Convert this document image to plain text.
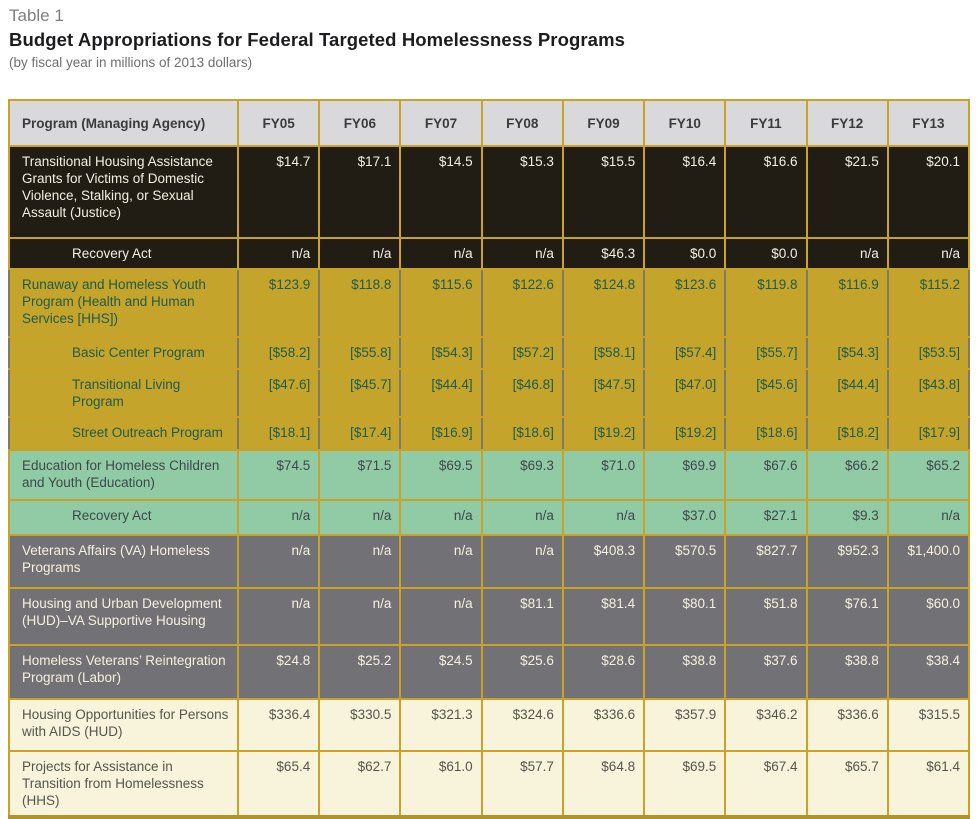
Table 1
Budget Appropriations for Federal Targeted Homelessness Programs
(by fiscal year in millions of 2013 dollars)
Program (Managing Agency)	FY05	FY06	FY07	FY08	FY09	FY10	FY11	FY12	FY13
Transitional Housing Assistance Grants for Victims of Domestic Violence, Stalking, or Sexual Assault (Justice)	$14.7	$17.1	$14.5	$15.3	$15.5	$16.4	$16.6	$21.5	$20.1
Recovery Act	n/a	n/a	n/a	n/a	$46.3	$0.0	$0.0	n/a	n/a
Runaway and Homeless Youth Program (Health and Human Services [HHS])	$123.9	$118.8	$115.6	$122.6	$124.8	$123.6	$119.8	$116.9	$115.2
Basic Center Program	[$58.2]	[$55.8]	[$54.3]	[$57.2]	[$58.1]	[$57.4]	[$55.7]	[$54.3]	[$53.5]
Transitional Living Program	[$47.6]	[$45.7]	[$44.4]	[$46.8]	[$47.5]	[$47.0]	[$45.6]	[$44.4]	[$43.8]
Street Outreach Program	[$18.1]	[$17.4]	[$16.9]	[$18.6]	[$19.2]	[$19.2]	[$18.6]	[$18.2]	[$17.9]
Education for Homeless Children and Youth (Education)	$74.5	$71.5	$69.5	$69.3	$71.0	$69.9	$67.6	$66.2	$65.2
Recovery Act	n/a	n/a	n/a	n/a	n/a	$37.0	$27.1	$9.3	n/a
Veterans Affairs (VA) Homeless Programs	n/a	n/a	n/a	n/a	$408.3	$570.5	$827.7	$952.3	$1,400.0
Housing and Urban Development (HUD)–VA Supportive Housing	n/a	n/a	n/a	$81.1	$81.4	$80.1	$51.8	$76.1	$60.0
Homeless Veterans’ Reintegration Program (Labor)	$24.8	$25.2	$24.5	$25.6	$28.6	$38.8	$37.6	$38.8	$38.4
Housing Opportunities for Persons with AIDS (HUD)	$336.4	$330.5	$321.3	$324.6	$336.6	$357.9	$346.2	$336.6	$315.5
Projects for Assistance in Transition from Homelessness (HHS)	$65.4	$62.7	$61.0	$57.7	$64.8	$69.5	$67.4	$65.7	$61.4
